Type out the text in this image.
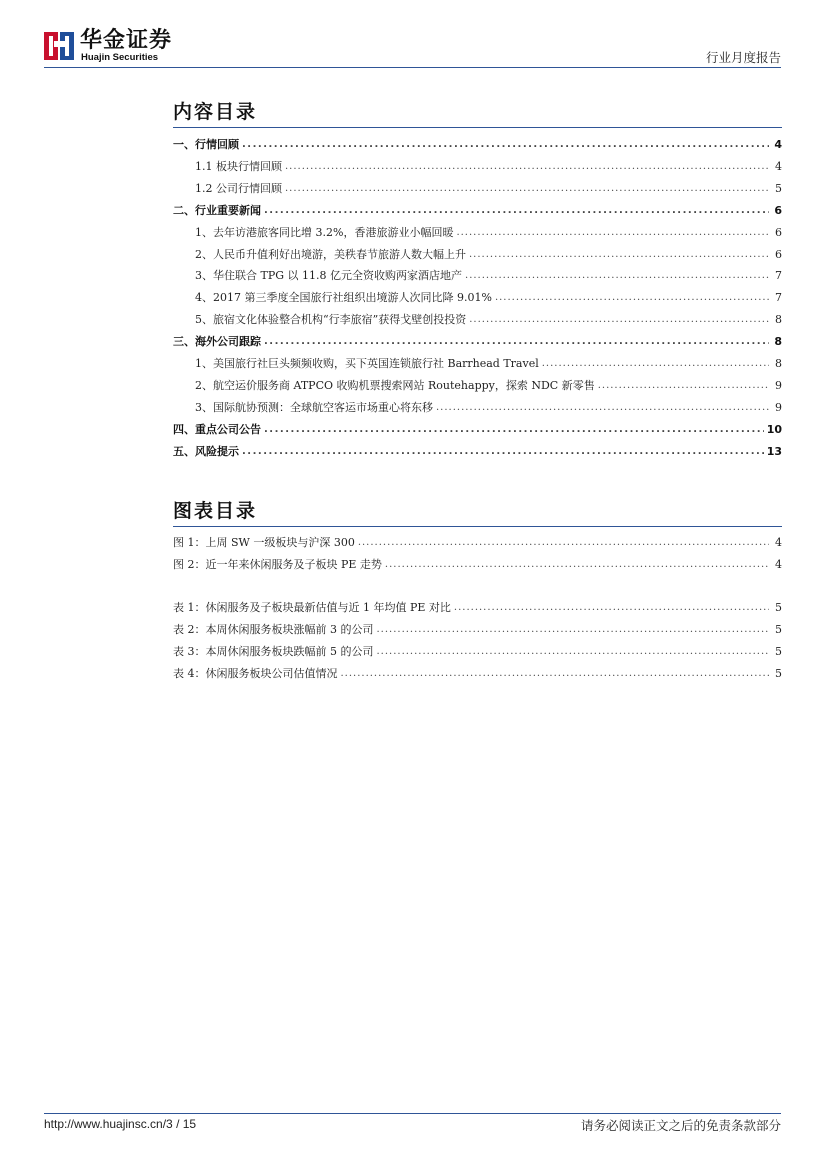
华金证券
Huajin Securities	行业月度报告
内容目录
一、行情回顾 .....	4
1.1 板块行情回顾 .....	4
1.2 公司行情回顾 .....	5
二、行业重要新闻 .....	6
1、去年访港旅客同比增 3.2%，香港旅游业小幅回暖 .....	6
2、人民币升值利好出境游，美秩春节旅游人数大幅上升 .....	6
3、华住联合 TPG 以 11.8 亿元全资收购两家酒店地产 .....	7
4、2017 第三季度全国旅行社组织出境游人次同比降 9.01% .....	7
5、旅宿文化体验整合机构“行李旅宿”获得戈壁创投投资 .....	8
三、海外公司跟踪 .....	8
1、美国旅行社巨头频频收购，买下英国连锁旅行社 Barrhead Travel .....	8
2、航空运价服务商 ATPCO 收购机票搜索网站 Routehappy，探索 NDC 新零售 .....	9
3、国际航协预测：全球航空客运市场重心将东移 .....	9
四、重点公司公告 .....	10
五、风险提示 .....	13
图表目录
图 1：上周 SW 一级板块与沪深 300 .....	4
图 2：近一年来休闲服务及子板块 PE 走势 .....	4
表 1：休闲服务及子板块最新估值与近 1 年均值 PE 对比 .....	5
表 2：本周休闲服务板块涨幅前 3 的公司 .....	5
表 3：本周休闲服务板块跌幅前 5 的公司 .....	5
表 4：休闲服务板块公司估值情况 .....	5
http://www.huajinsc.cn/3 / 15	请务必阅读正文之后的免责条款部分
